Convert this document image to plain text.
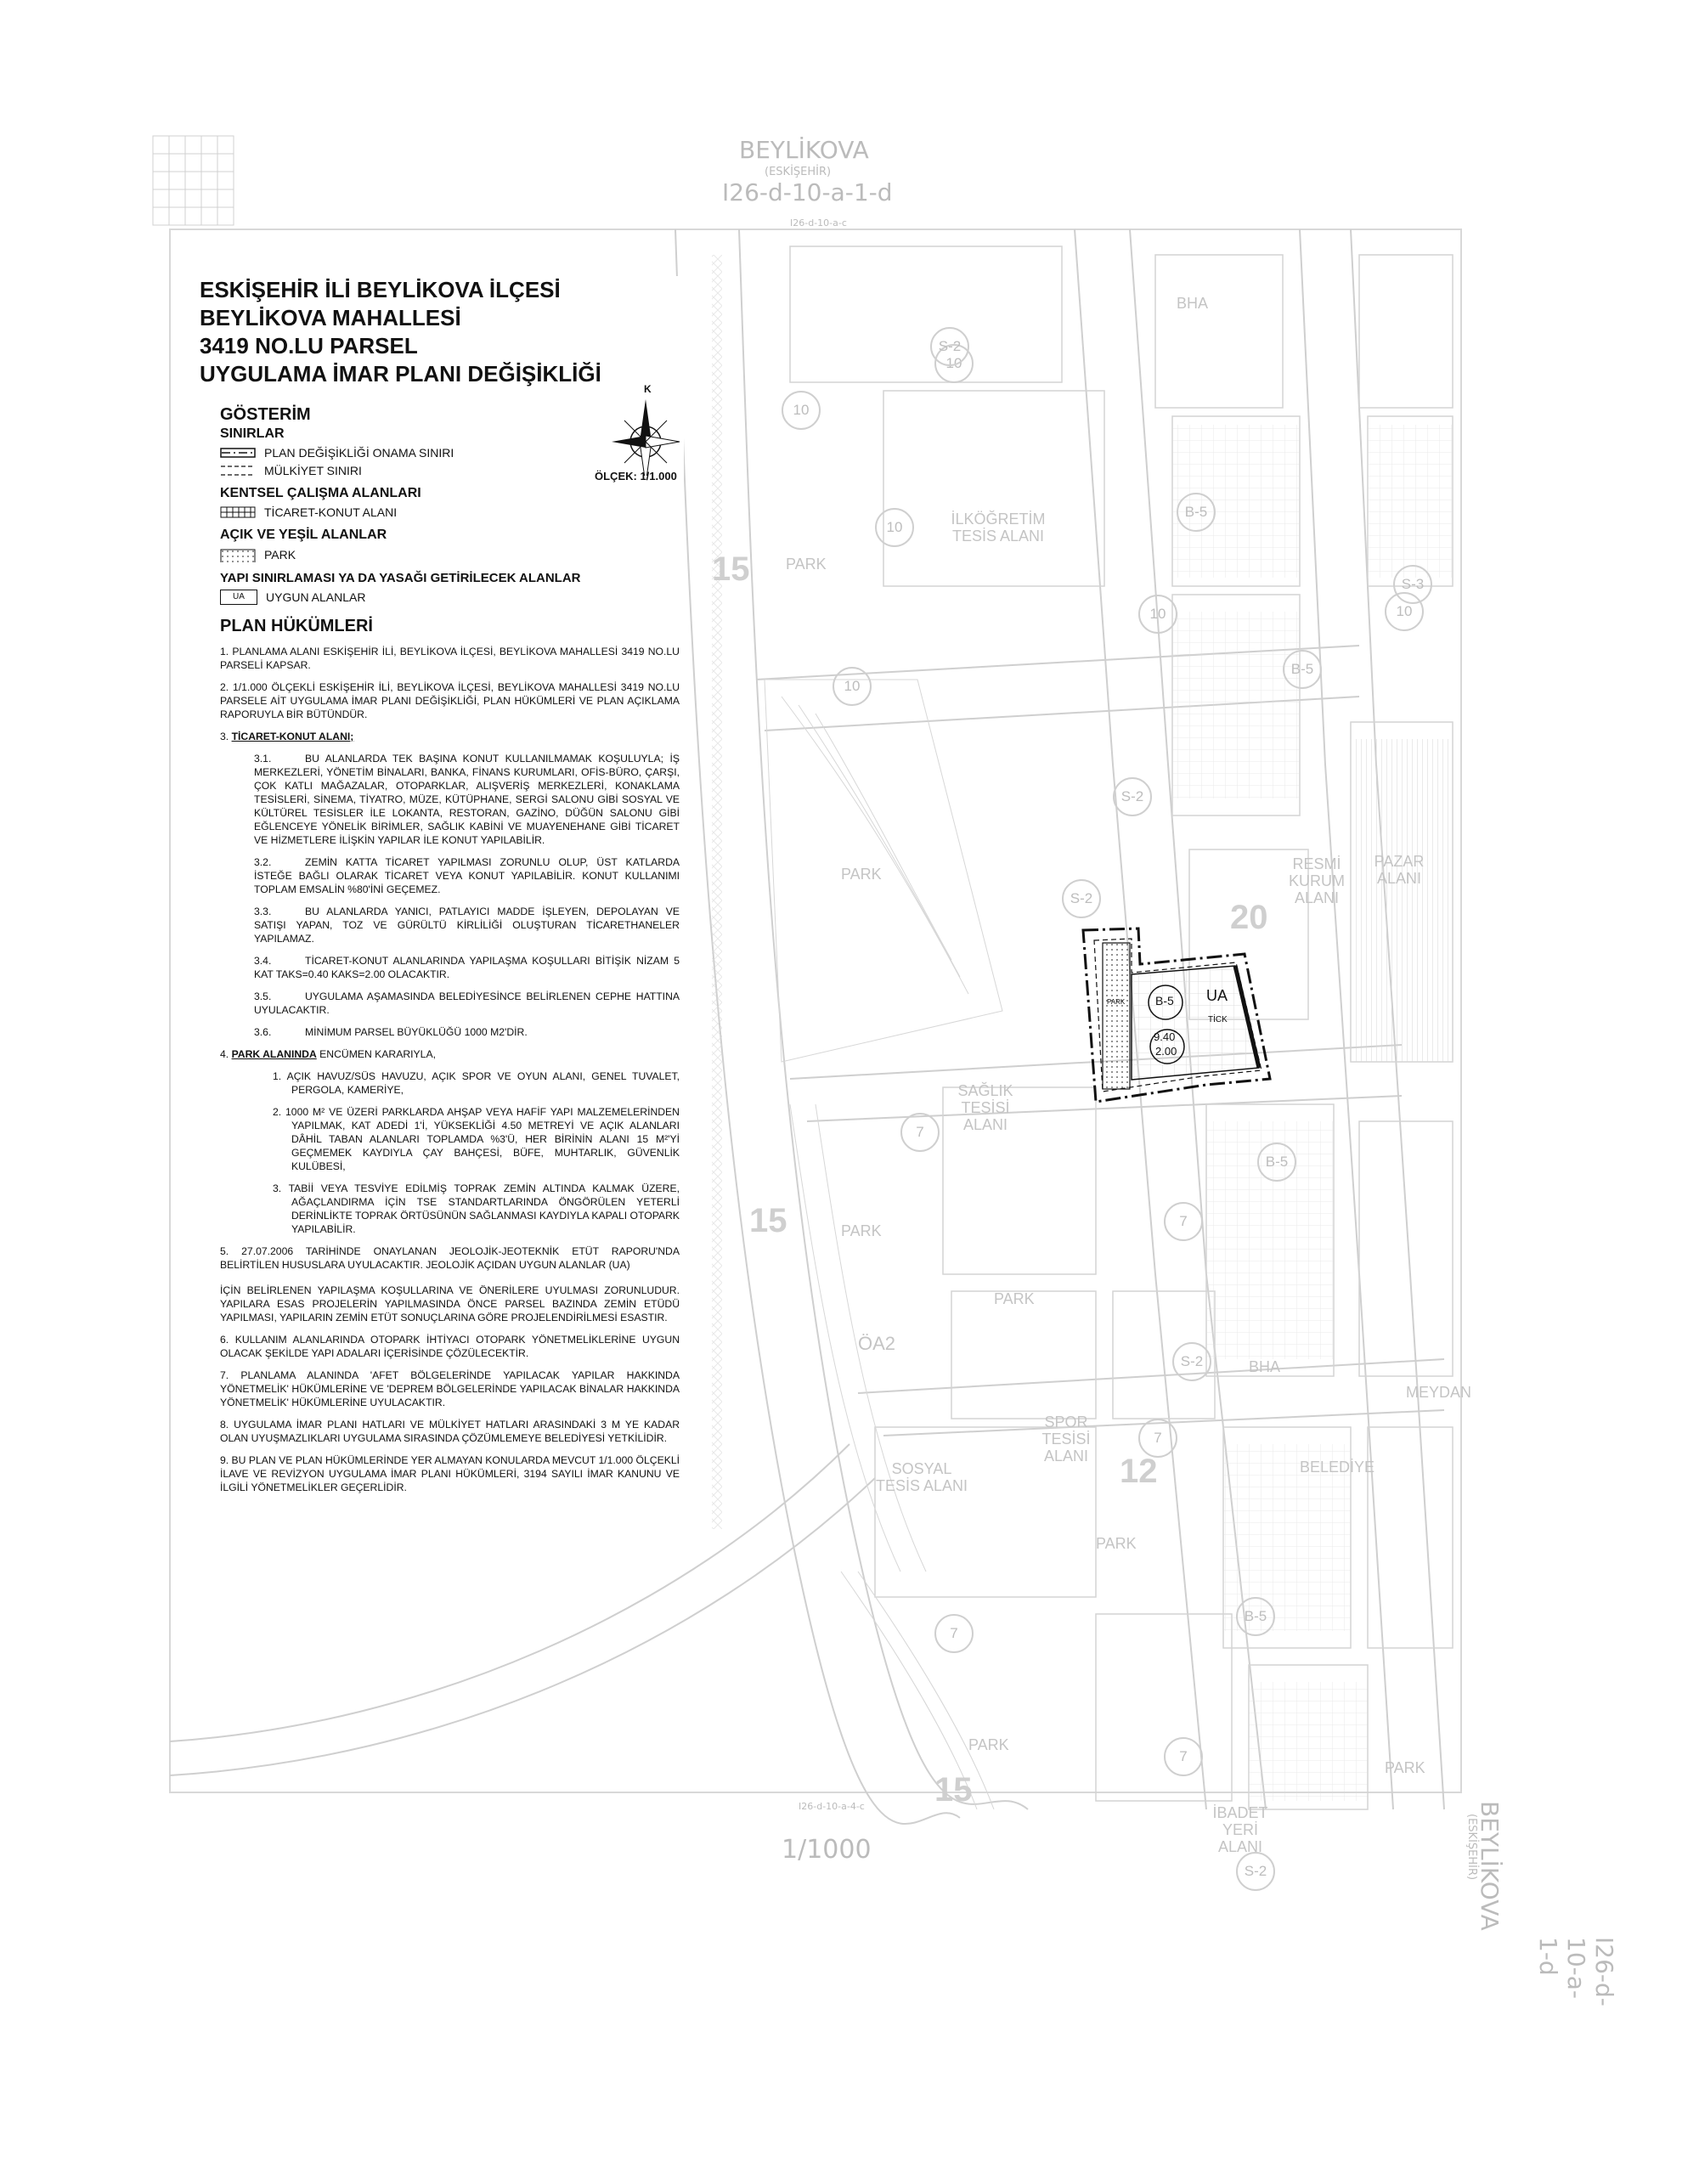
BEYLİKOVA
(ESKİŞEHİR)
I26-d-10-a-1-d
I26-d-10-a-c
I26-d-10-a-4-c
1/1000	BEYLİKOVA
(ESKİŞEHİR)
I26-d-10-a-1-d
BHA
PARK
İLKÖĞRETİM TESİS ALANI
PARK
RESMİ KURUM ALANI
PAZAR ALANI
SAĞLIK TESİSİ ALANI
PARK
PARK
ÖA2
SPOR TESİSİ ALANI
SOSYAL TESİS ALANI
BELEDİYE
MEYDAN
BHA
PARK
PARK
PARK
İBADET YERİ ALANI
15
20
12
15
15
10
10
10
10
10
10
7
7
7
7
7
B-5
B-5
B-5
B-5
S-2
S-2
S-2
S-2
S-2
S-3
ESKİŞEHİR İLİ BEYLİKOVA İLÇESİ BEYLİKOVA MAHALLESİ
3419 NO.LU PARSEL
UYGULAMA İMAR PLANI DEĞİŞİKLİĞİ
GÖSTERİM
SINIRLAR
PLAN DEĞİŞİKLİĞİ ONAMA SINIRI
MÜLKİYET SINIRI
KENTSEL ÇALIŞMA ALANLARI
TİCARET-KONUT ALANI
AÇIK VE YEŞİL ALANLAR
PARK
YAPI SINIRLAMASI YA DA YASAĞI GETİRİLECEK ALANLAR
UA	UYGUN ALANLAR
PLAN HÜKÜMLERİ
1. PLANLAMA ALANI ESKİŞEHİR İLİ, BEYLİKOVA İLÇESİ, BEYLİKOVA MAHALLESİ 3419 NO.LU PARSELİ KAPSAR.
2. 1/1.000 ÖLÇEKLİ ESKİŞEHİR İLİ, BEYLİKOVA İLÇESİ, BEYLİKOVA MAHALLESİ 3419 NO.LU PARSELE AİT UYGULAMA İMAR PLANI DEĞİŞİKLİĞİ, PLAN HÜKÜMLERİ VE PLAN AÇIKLAMA RAPORUYLA BİR BÜTÜNDÜR.
3. TİCARET-KONUT ALANI;
3.1.	BU ALANLARDA TEK BAŞINA KONUT KULLANILMAMAK KOŞULUYLA; İŞ MERKEZLERİ, YÖNETİM BİNALARI, BANKA, FİNANS KURUMLARI, OFİS-BÜRO, ÇARŞI, ÇOK KATLI MAĞAZALAR, OTOPARKLAR, ALIŞVERİŞ MERKEZLERİ, KONAKLAMA TESİSLERİ, SİNEMA, TİYATRO, MÜZE, KÜTÜPHANE, SERGİ SALONU GİBİ SOSYAL VE KÜLTÜREL TESİSLER İLE LOKANTA, RESTORAN, GAZİNO, DÜĞÜN SALONU GİBİ EĞLENCEYE YÖNELİK BİRİMLER, SAĞLIK KABİNİ VE MUAYENEHANE GİBİ TİCARET VE HİZMETLERE İLİŞKİN YAPILAR İLE KONUT YAPILABİLİR.
3.2.	ZEMİN KATTA TİCARET YAPILMASI ZORUNLU OLUP, ÜST KATLARDA İSTEĞE BAĞLI OLARAK TİCARET VEYA KONUT YAPILABİLİR. KONUT KULLANIMI TOPLAM EMSALİN %80'İNİ GEÇEMEZ.
3.3.	BU ALANLARDA YANICI, PATLAYICI MADDE İŞLEYEN, DEPOLAYAN VE SATIŞI YAPAN, TOZ VE GÜRÜLTÜ KİRLİLİĞİ OLUŞTURAN TİCARETHANELER YAPILAMAZ.
3.4.	TİCARET-KONUT ALANLARINDA YAPILAŞMA KOŞULLARI BİTİŞİK NİZAM 5 KAT TAKS=0.40 KAKS=2.00 OLACAKTIR.
3.5.	UYGULAMA AŞAMASINDA BELEDİYESİNCE BELİRLENEN CEPHE HATTINA UYULACAKTIR.
3.6.	MİNİMUM PARSEL BÜYÜKLÜĞÜ 1000 M2'DİR.
4. PARK ALANINDA ENCÜMEN KARARIYLA,
1. AÇIK HAVUZ/SÜS HAVUZU, AÇIK SPOR VE OYUN ALANI, GENEL TUVALET, PERGOLA, KAMERİYE,
2. 1000 M² VE ÜZERİ PARKLARDA AHŞAP VEYA HAFİF YAPI MALZEMELERİNDEN YAPILMAK, KAT ADEDİ 1'İ, YÜKSEKLİĞİ 4.50 METREYİ VE AÇIK ALANLARI DÂHİL TABAN ALANLARI TOPLAMDA %3'Ü, HER BİRİNİN ALANI 15 M²'Yİ GEÇMEMEK KAYDIYLA ÇAY BAHÇESİ, BÜFE, MUHTARLIK, GÜVENLİK KULÜBESİ,
3. TABİİ VEYA TESVİYE EDİLMİŞ TOPRAK ZEMİN ALTINDA KALMAK ÜZERE, AĞAÇLANDIRMA İÇİN TSE STANDARTLARINDA ÖNGÖRÜLEN YETERLİ DERİNLİKTE TOPRAK ÖRTÜSÜNÜN SAĞLANMASI KAYDIYLA KAPALI OTOPARK YAPILABİLİR.
5. 27.07.2006 TARİHİNDE ONAYLANAN JEOLOJİK-JEOTEKNİK ETÜT RAPORU'NDA BELİRTİLEN HUSUSLARA UYULACAKTIR. JEOLOJİK AÇIDAN UYGUN ALANLAR (UA)
İÇİN BELİRLENEN YAPILAŞMA KOŞULLARINA VE ÖNERİLERE UYULMASI ZORUNLUDUR. YAPILARA ESAS PROJELERİN YAPILMASINDA ÖNCE PARSEL BAZINDA ZEMİN ETÜDÜ YAPILMASI, YAPILARIN ZEMİN ETÜT SONUÇLARINA GÖRE PROJELENDİRİLMESİ ESASTIR.
6. KULLANIM ALANLARINDA OTOPARK İHTİYACI OTOPARK YÖNETMELİKLERİNE UYGUN OLACAK ŞEKİLDE YAPI ADALARI İÇERİSİNDE ÇÖZÜLECEKTİR.
7. PLANLAMA ALANINDA 'AFET BÖLGELERİNDE YAPILACAK YAPILAR HAKKINDA YÖNETMELİK' HÜKÜMLERİNE VE 'DEPREM BÖLGELERİNDE YAPILACAK BİNALAR HAKKINDA YÖNETMELİK' HÜKÜMLERİNE UYULACAKTIR.
8. UYGULAMA İMAR PLANI HATLARI VE MÜLKİYET HATLARI ARASINDAKİ 3 M YE KADAR OLAN UYUŞMAZLIKLARI UYGULAMA SIRASINDA ÇÖZÜMLEMEYE BELEDİYESİ YETKİLİDİR.
9. BU PLAN VE PLAN HÜKÜMLERİNDE YER ALMAYAN KONULARDA MEVCUT 1/1.000 ÖLÇEKLİ İLAVE VE REVİZYON UYGULAMA İMAR PLANI HÜKÜMLERİ, 3194 SAYILI İMAR KANUNU VE İLGİLİ YÖNETMELİKLER GEÇERLİDİR.
K
ÖLÇEK: 1/1.000
B-5 UA
PARK
TİCK
9.40
2.00
